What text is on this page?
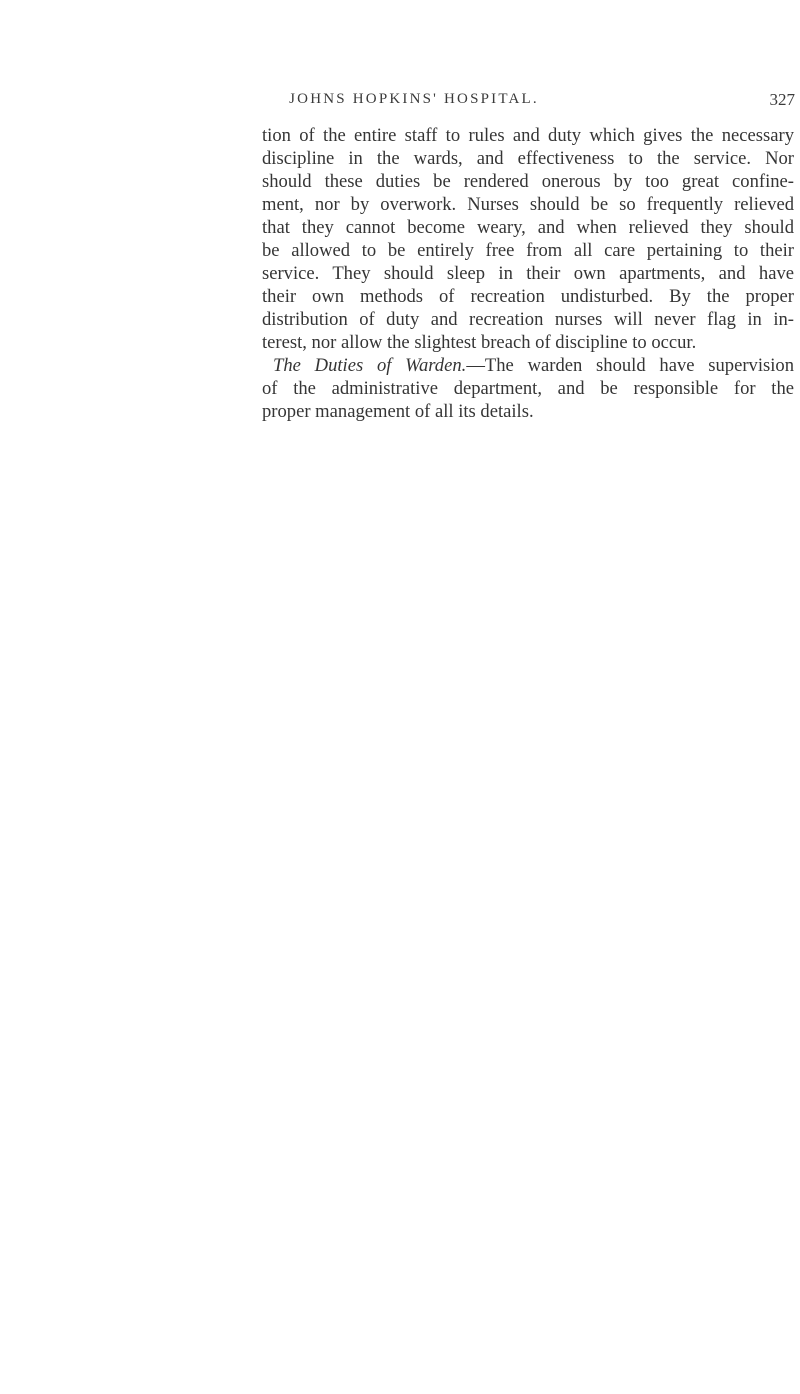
JOHNS HOPKINS' HOSPITAL.	327
tion of the entire staff to rules and duty which gives the necessary
discipline in the wards, and effectiveness to the service. Nor
should these duties be rendered onerous by too great confine-
ment, nor by overwork. Nurses should be so frequently relieved
that they cannot become weary, and when relieved they should
be allowed to be entirely free from all care pertaining to their
service. They should sleep in their own apartments, and have
their own methods of recreation undisturbed. By the proper
distribution of duty and recreation nurses will never flag in in-
terest, nor allow the slightest breach of discipline to occur.
The Duties of Warden.—The warden should have supervision
of the administrative department, and be responsible for the
proper management of all its details.
